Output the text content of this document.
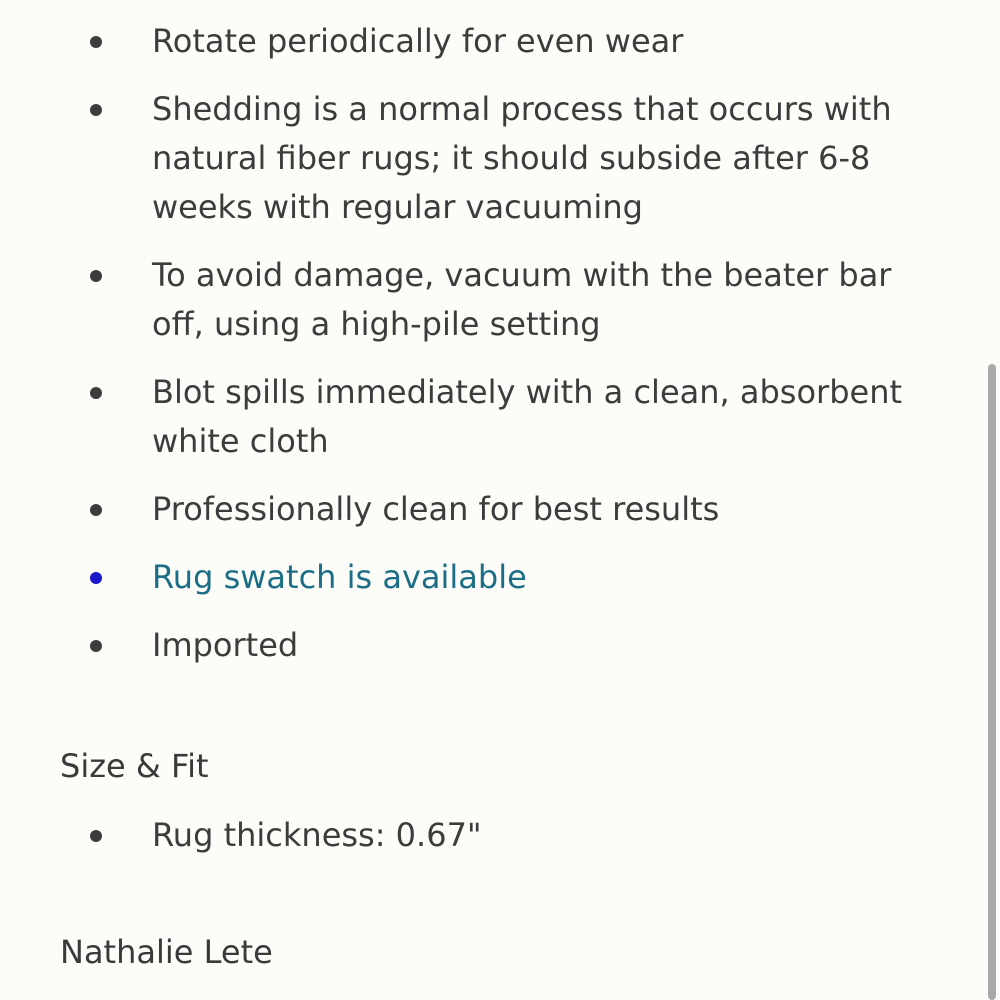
Rotate periodically for even wear
Shedding is a normal process that occurs with natural fiber rugs; it should subside after 6-8 weeks with regular vacuuming
To avoid damage, vacuum with the beater bar off, using a high-pile setting
Blot spills immediately with a clean, absorbent white cloth
Professionally clean for best results
Rug swatch is available
Imported
Size & Fit
Rug thickness: 0.67"
Nathalie Lete
